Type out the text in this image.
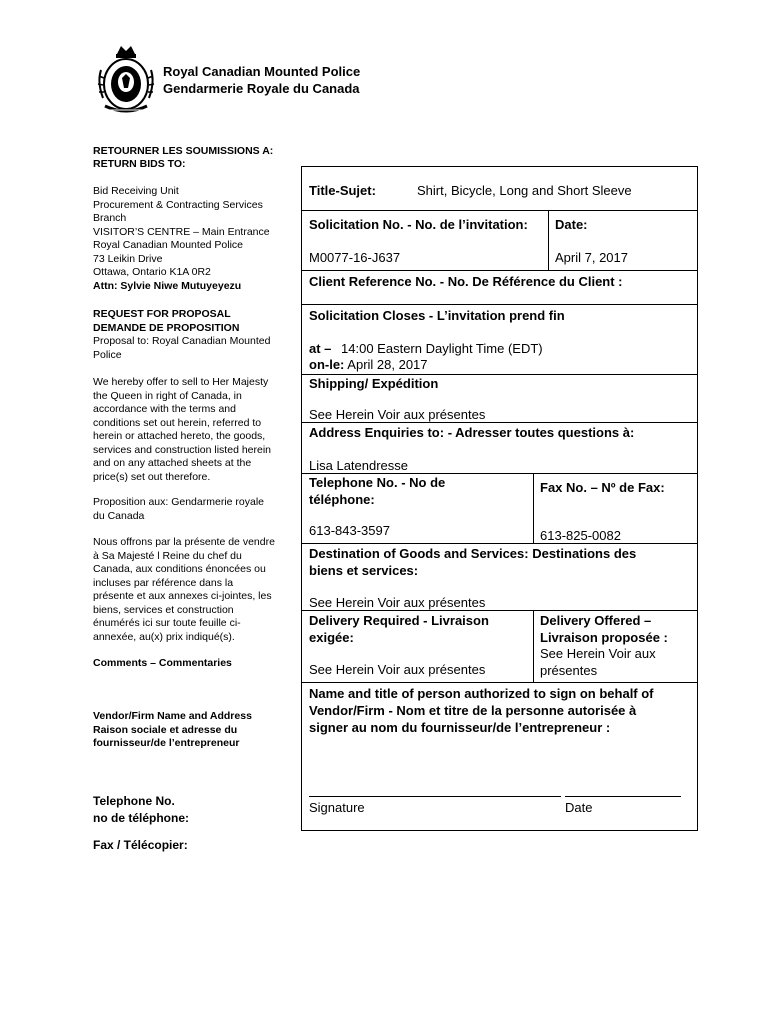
Royal Canadian Mounted Police
Gendarmerie Royale du Canada
RETOURNER LES SOUMISSIONS A:
RETURN BIDS TO:
Bid Receiving Unit
Procurement & Contracting Services
Branch
VISITOR’S CENTRE – Main Entrance
Royal Canadian Mounted Police
73 Leikin Drive
Ottawa, Ontario K1A 0R2
Attn: Sylvie Niwe Mutuyeyezu
REQUEST FOR PROPOSAL
DEMANDE DE PROPOSITION
Proposal to: Royal Canadian Mounted
Police
We hereby offer to sell to Her Majesty
the Queen in right of Canada, in
accordance with the terms and
conditions set out herein, referred to
herein or attached hereto, the goods,
services and construction listed herein
and on any attached sheets at the
price(s) set out therefore.
Proposition aux: Gendarmerie royale
du Canada
Nous offrons par la présente de vendre
à Sa Majesté l Reine du chef du
Canada, aux conditions énoncées ou
incluses par référence dans la
présente et aux annexes ci-jointes, les
biens, services et construction
énumérés ici sur toute feuille ci-
annexée, au(x) prix indiqué(s).
Comments – Commentaries
Vendor/Firm Name and Address
Raison sociale et adresse du
fournisseur/de l’entrepreneur
Telephone No.
no de téléphone:
Fax / Télécopier:
Title-Sujet:	Shirt, Bicycle, Long and Short Sleeve
Solicitation No. - No. de l’invitation: Date:
M0077-16-J637	April 7, 2017
Client Reference No. - No. De Référence du Client :
Solicitation Closes - L’invitation prend fin
at – 14:00 Eastern Daylight Time (EDT)
on-le: April 28, 2017
Shipping/ Expédition
See Herein Voir aux présentes
Address Enquiries to: - Adresser toutes questions à:
Lisa Latendresse
Telephone No. - No de
téléphone:
Fax No. – Nº de Fax:
613-843-3597	613-825-0082
Destination of Goods and Services: Destinations des
biens et services:
See Herein Voir aux présentes
Delivery Required - Livraison
exigée:
See Herein Voir aux présentes
Delivery Offered –
Livraison proposée :
See Herein Voir aux
présentes
Name and title of person authorized to sign on behalf of
Vendor/Firm - Nom et titre de la personne autorisée à
signer au nom du fournisseur/de l’entrepreneur :
Signature	Date
